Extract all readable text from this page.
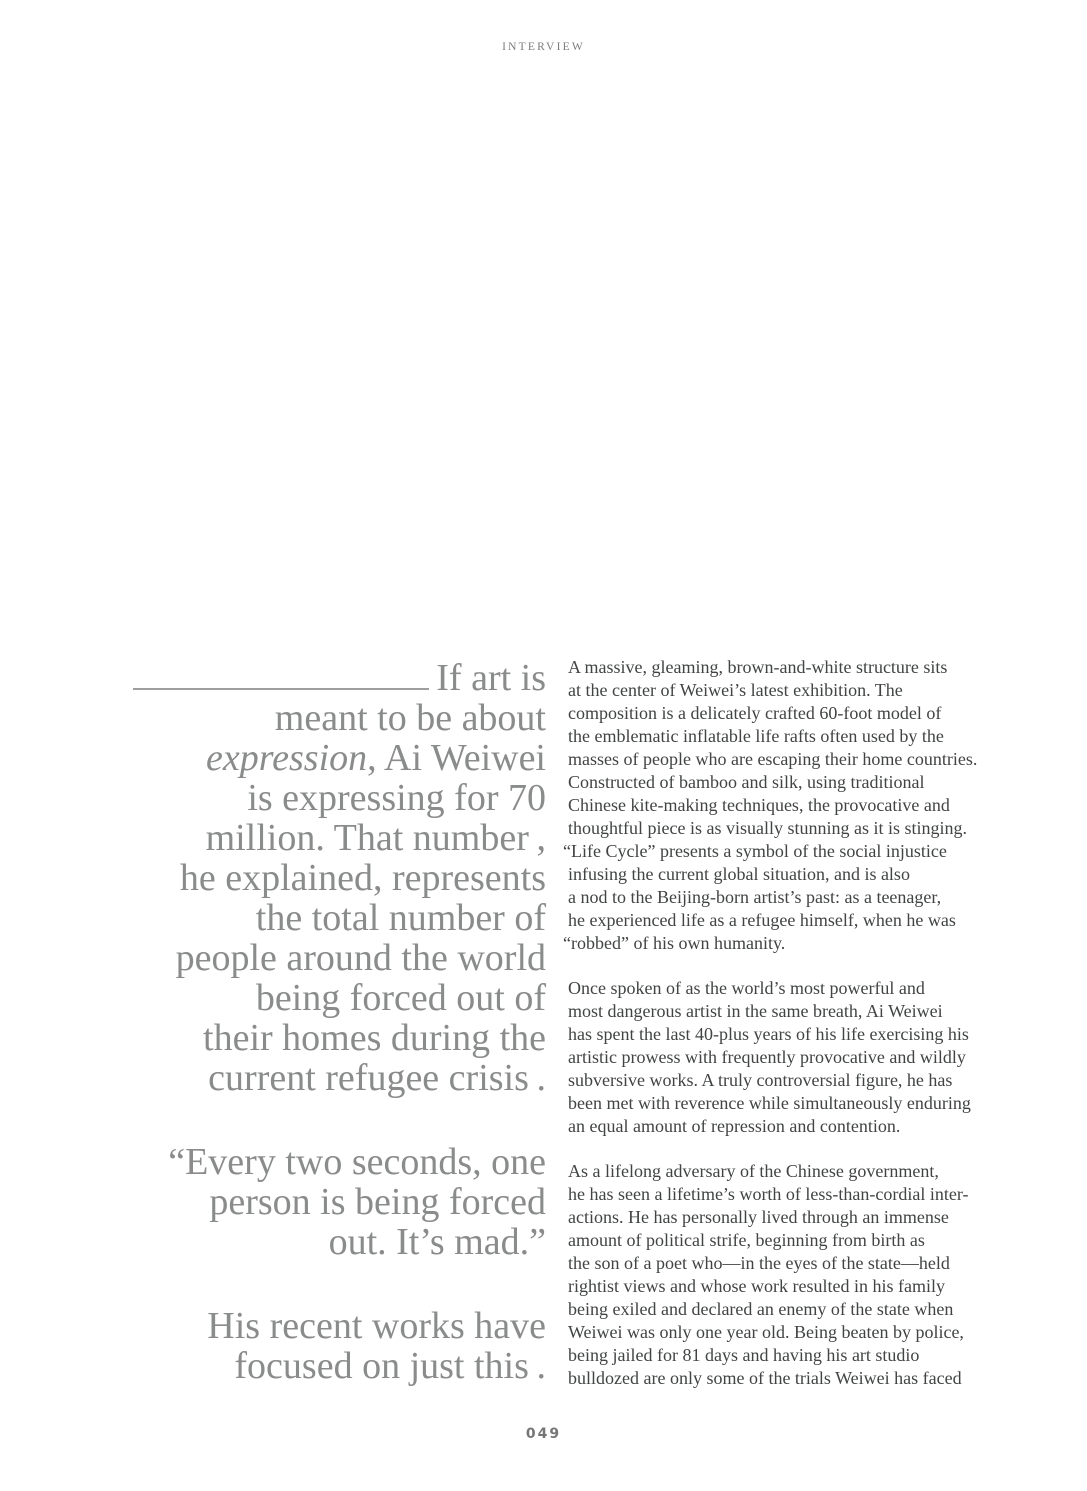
INTERVIEW

If art is
meant to be about
expression, Ai Weiwei
is expressing for 70
million. That number ,
he explained, represents
the total number of
people around the world
being forced out of
their homes during the
current refugee crisis .

“Every two seconds, one
person is being forced
out. It’s mad.”

His recent works have
focused on just this .

A massive, gleaming, brown-and-white structure sits
at the center of Weiwei’s latest exhibition. The
composition is a delicately crafted 60-foot model of
the emblematic inflatable life rafts often used by the
masses of people who are escaping their home countries.
Constructed of bamboo and silk, using traditional
Chinese kite-making techniques, the provocative and
thoughtful piece is as visually stunning as it is stinging.
“Life Cycle” presents a symbol of the social injustice
infusing the current global situation, and is also
a nod to the Beijing-born artist’s past: as a teenager,
he experienced life as a refugee himself, when he was
“robbed” of his own humanity.

Once spoken of as the world’s most powerful and
most dangerous artist in the same breath, Ai Weiwei
has spent the last 40-plus years of his life exercising his
artistic prowess with frequently provocative and wildly
subversive works. A truly controversial figure, he has
been met with reverence while simultaneously enduring
an equal amount of repression and contention.

As a lifelong adversary of the Chinese government,
he has seen a lifetime’s worth of less-than-cordial inter-
actions. He has personally lived through an immense
amount of political strife, beginning from birth as
the son of a poet who—in the eyes of the state—held
rightist views and whose work resulted in his family
being exiled and declared an enemy of the state when
Weiwei was only one year old. Being beaten by police,
being jailed for 81 days and having his art studio
bulldozed are only some of the trials Weiwei has faced

049
